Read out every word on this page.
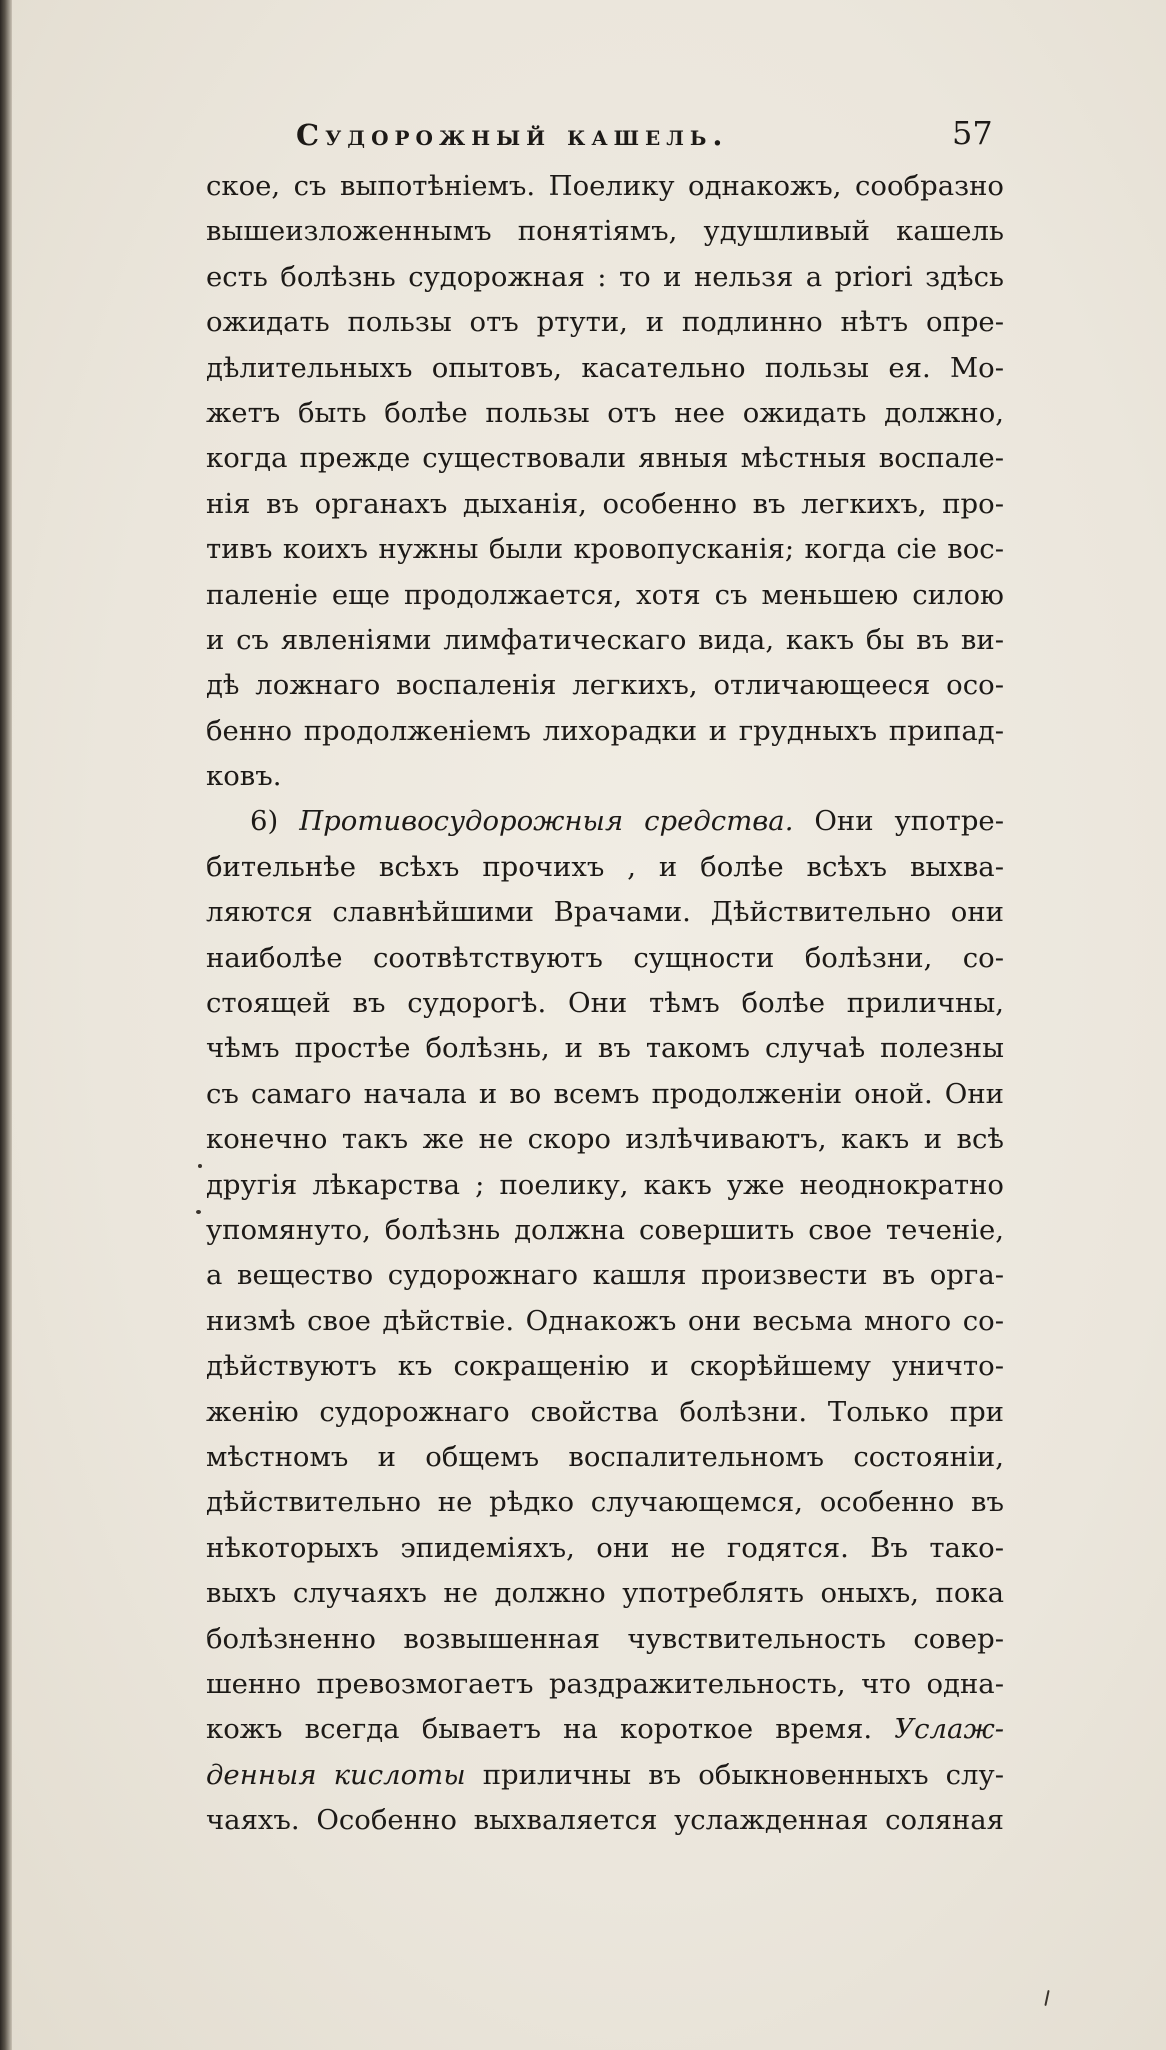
Судорожный кашель.	57
ское, съ выпотѣніемъ. Поелику однакожъ, сообразно
вышеизложеннымъ понятіямъ, удушливый кашель
есть болѣзнь судорожная : то и нельзя a priori здѣсь
ожидать пользы отъ ртути, и подлинно нѣтъ опре-
дѣлительныхъ опытовъ, касательно пользы ея. Мо-
жетъ быть болѣе пользы отъ нее ожидать должно,
когда прежде существовали явныя мѣстныя воспале-
нія въ органахъ дыханія, особенно въ легкихъ, про-
тивъ коихъ нужны были кровопусканія; когда сіе вос-
паленіе еще продолжается, хотя съ меньшею силою
и съ явленіями лимфатическаго вида, какъ бы въ ви-
дѣ ложнаго воспаленія легкихъ, отличающееся осо-
бенно продолженіемъ лихорадки и грудныхъ припад-
ковъ.
6) Противосудорожныя средства. Они употре-
бительнѣе всѣхъ прочихъ , и болѣе всѣхъ выхва-
ляются славнѣйшими Врачами. Дѣйствительно они
наиболѣе соотвѣтствуютъ сущности болѣзни, со-
стоящей въ судорогѣ. Они тѣмъ болѣе приличны,
чѣмъ простѣе болѣзнь, и въ такомъ случаѣ полезны
съ самаго начала и во всемъ продолженіи оной. Они
конечно такъ же не скоро излѣчиваютъ, какъ и всѣ
другія лѣкарства ; поелику, какъ уже неоднократно
упомянуто, болѣзнь должна совершить свое теченіе,
а вещество судорожнаго кашля произвести въ орга-
низмѣ свое дѣйствіе. Однакожъ они весьма много со-
дѣйствуютъ къ сокращенію и скорѣйшему уничто-
женію судорожнаго свойства болѣзни. Только при
мѣстномъ и общемъ воспалительномъ состояніи,
дѣйствительно не рѣдко случающемся, особенно въ
нѣкоторыхъ эпидеміяхъ, они не годятся. Въ тако-
выхъ случаяхъ не должно употреблять оныхъ, пока
болѣзненно возвышенная чувствительность совер-
шенно превозмогаетъ раздражительность, что одна-
кожъ всегда бываетъ на короткое время. Услаж-
денныя кислоты приличны въ обыкновенныхъ слу-
чаяхъ. Особенно выхваляется услажденная соляная
